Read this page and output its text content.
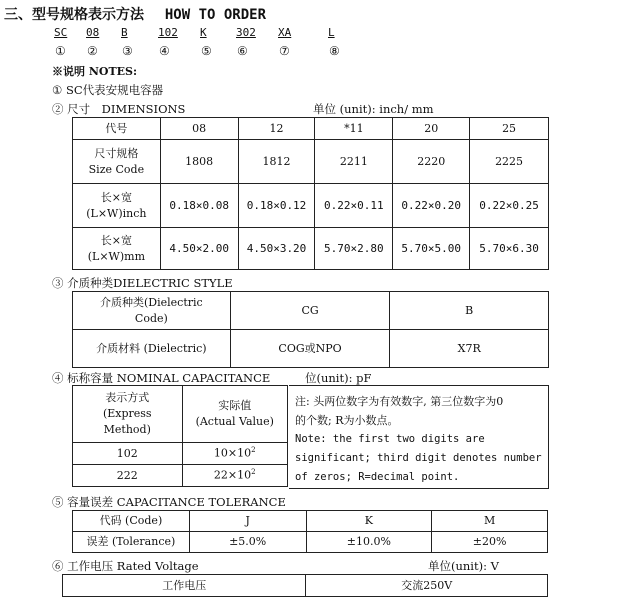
三、型号规格表示方法 HOW TO ORDER
SC
①
08
②
B
③
102
④
K
⑤
302
⑥
XA
⑦
L
⑧
※说明 NOTES:
① SC代表安规电容器
② 尺寸　DIMENSIONS	单位 (unit): inch/ mm
代号	08	12	*11	20	25
尺寸规格
Size Code	1808	1812	2211	2220	2225
长×宽
(L×W)inch	0.18×0.08	0.18×0.12	0.22×0.11	0.22×0.20	0.22×0.25
长×宽
(L×W)mm	4.50×2.00	4.50×3.20	5.70×2.80	5.70×5.00	5.70×6.30
③ 介质种类DIELECTRIC STYLE
介质种类(Dielectric
Code)	CG	B
介质材料 (Dielectric)	COG或NPO	X7R
④ 标称容量 NOMINAL CAPACITANCE	位(unit): pF
表示方式
(Express
Method)	实际值
(Actual Value)
102	$10\times 10^2$
222	$22\times 10^2$
注: 头两位数字为有效数字, 第三位数字为0
的个数; R为小数点。
Note: the first two digits are
significant; third digit denotes number
of zeros; R=decimal point.
⑤ 容量误差 CAPACITANCE TOLERANCE
代码 (Code)	J	K	M
误差 (Tolerance)	±5.0%	±10.0%	±20%
⑥ 工作电压 Rated Voltage	单位(unit): V
工作电压	交流250V
